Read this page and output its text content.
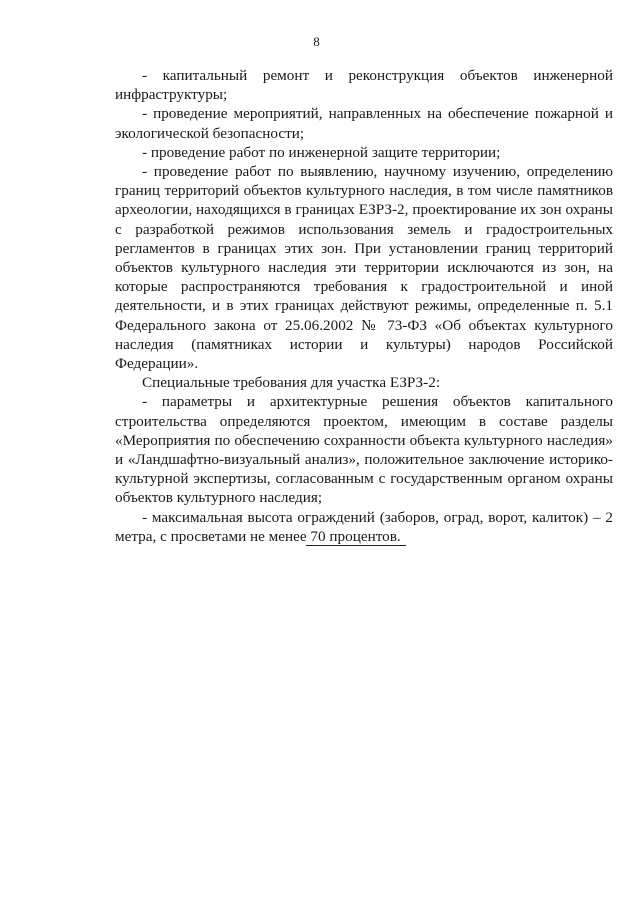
8

- капитальный ремонт и реконструкция объектов инженерной инфраструктуры;

- проведение мероприятий, направленных на обеспечение пожарной и экологической безопасности;

- проведение работ по инженерной защите территории;

- проведение работ по выявлению, научному изучению, определению границ территорий объектов культурного наследия, в том числе памятников археологии, находящихся в границах ЕЗРЗ-2, проектирование их зон охраны с разработкой режимов использования земель и градостроительных регламентов в границах этих зон. При установлении границ территорий объектов культурного наследия эти территории исключаются из зон, на которые распространяются требования к градостроительной и иной деятельности, и в этих границах действуют режимы, определенные п. 5.1 Федерального закона от 25.06.2002 № 73-ФЗ «Об объектах культурного наследия (памятниках истории и культуры) народов Российской Федерации».

Специальные требования для участка ЕЗРЗ-2:

- параметры и архитектурные решения объектов капитального строительства определяются проектом, имеющим в составе разделы «Мероприятия по обеспечению сохранности объекта культурного наследия» и «Ландшафтно-визуальный анализ», положительное заключение историко-культурной экспертизы, согласованным с государственным органом охраны объектов культурного наследия;

- максимальная высота ограждений (заборов, оград, ворот, калиток) – 2 метра, с просветами не менее 70 процентов.
